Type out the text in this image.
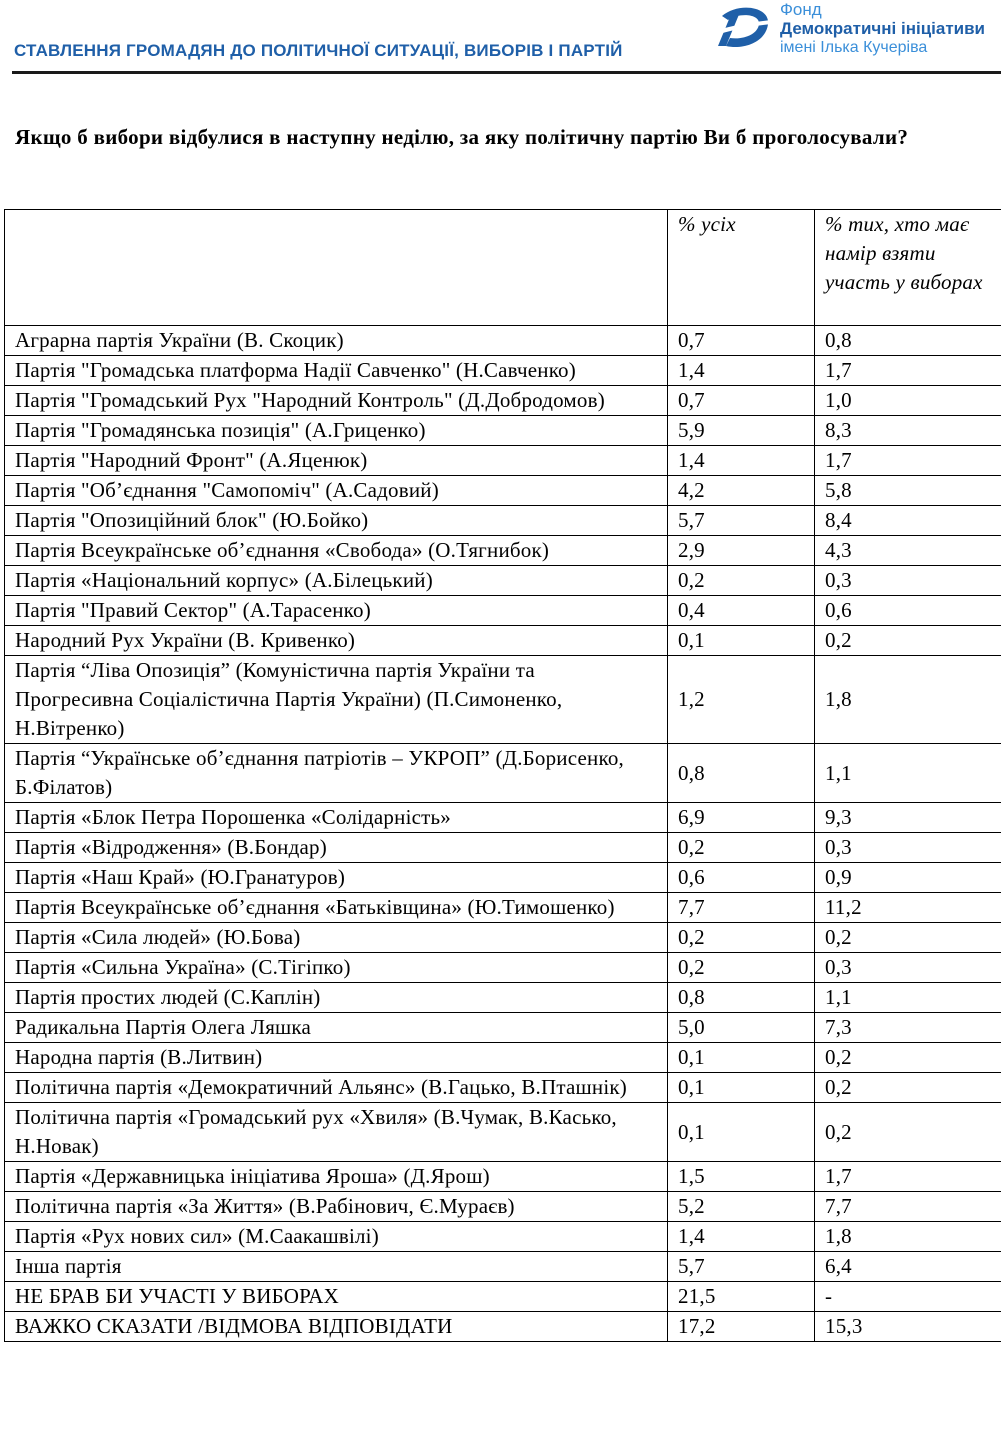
СТАВЛЕННЯ ГРОМАДЯН ДО ПОЛІТИЧНОЇ СИТУАЦІЇ, ВИБОРІВ І ПАРТІЙ
Фонд
Демократичні ініціативи
імені Ілька Кучеріва
Якщо б вибори відбулися в наступну неділю, за яку політичну партію Ви б проголосували?
	% усіх	% тих, хто має намір взяти участь у виборах
Аграрна партія України (В. Скоцик)	0,7	0,8
Партія "Громадська платформа Надії Савченко" (Н.Савченко)	1,4	1,7
Партія "Громадський Рух "Народний Контроль" (Д.Добродомов)	0,7	1,0
Партія "Громадянська позиція" (А.Гриценко)	5,9	8,3
Партія "Народний Фронт" (А.Яценюк)	1,4	1,7
Партія "Об’єднання "Самопоміч" (А.Садовий)	4,2	5,8
Партія "Опозиційний блок" (Ю.Бойко)	5,7	8,4
Партія Всеукраїнське об’єднання «Свобода» (О.Тягнибок)	2,9	4,3
Партія «Національний корпус» (А.Білецький)	0,2	0,3
Партія "Правий Сектор" (А.Тарасенко)	0,4	0,6
Народний Рух України (В. Кривенко)	0,1	0,2
Партія “Ліва Опозиція” (Комуністична партія України та Прогресивна Соціалістична Партія України) (П.Симоненко, Н.Вітренко)	1,2	1,8
Партія “Українське об’єднання патріотів – УКРОП” (Д.Борисенко, Б.Філатов)	0,8	1,1
Партія «Блок Петра Порошенка «Солідарність»	6,9	9,3
Партія «Відродження» (В.Бондар)	0,2	0,3
Партія «Наш Край» (Ю.Гранатуров)	0,6	0,9
Партія Всеукраїнське об’єднання «Батьківщина» (Ю.Тимошенко)	7,7	11,2
Партія «Сила людей» (Ю.Бова)	0,2	0,2
Партія «Сильна Україна» (С.Тігіпко)	0,2	0,3
Партія простих людей (С.Каплін)	0,8	1,1
Радикальна Партія Олега Ляшка	5,0	7,3
Народна партія (В.Литвин)	0,1	0,2
Політична партія «Демократичний Альянс» (В.Гацько, В.Пташнік)	0,1	0,2
Політична партія «Громадський рух «Хвиля» (В.Чумак, В.Касько, Н.Новак)	0,1	0,2
Партія «Державницька ініціатива Яроша» (Д.Ярош)	1,5	1,7
Політична партія «За Життя» (В.Рабінович, Є.Мураєв)	5,2	7,7
Партія «Рух нових сил» (М.Саакашвілі)	1,4	1,8
Інша партія	5,7	6,4
НЕ БРАВ БИ УЧАСТІ У ВИБОРАХ	21,5	-
ВАЖКО СКАЗАТИ /ВІДМОВА ВІДПОВІДАТИ	17,2	15,3
